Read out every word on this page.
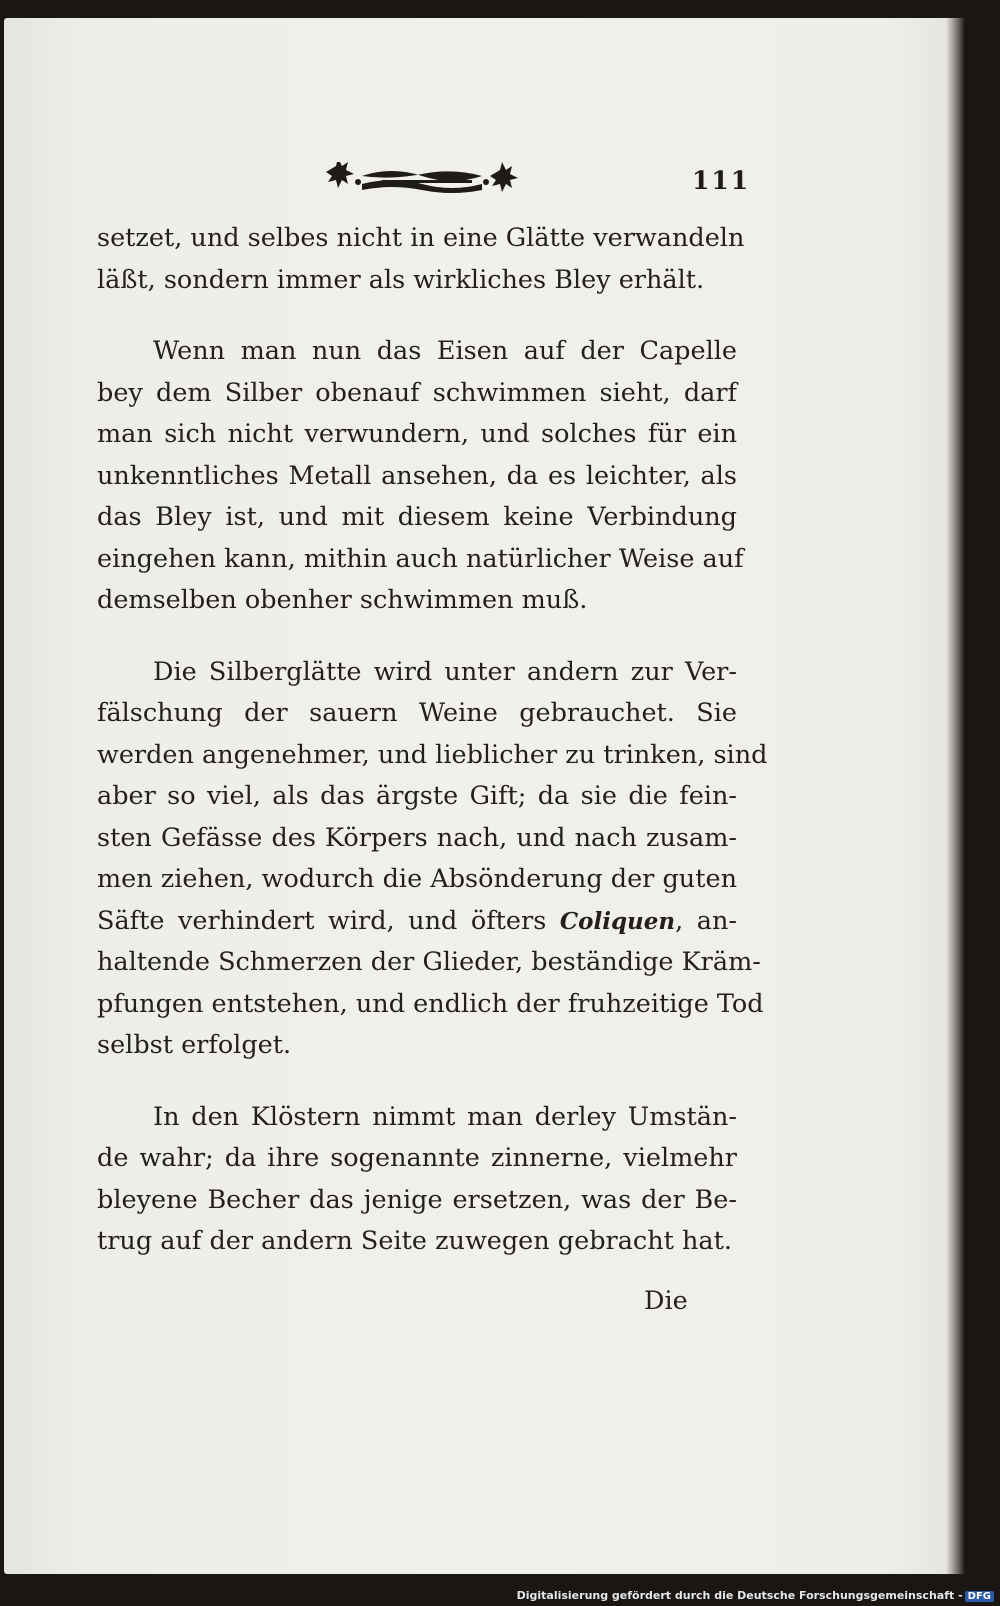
111
setzet, und selbes nicht in eine Glätte verwandeln
läßt, sondern immer als wirkliches Bley erhält.
Wenn man nun das Eisen auf der Capelle
bey dem Silber obenauf schwimmen sieht, darf
man sich nicht verwundern, und solches für ein
unkenntliches Metall ansehen, da es leichter, als
das Bley ist, und mit diesem keine Verbindung
eingehen kann, mithin auch natürlicher Weise auf
demselben obenher schwimmen muß.
Die Silberglätte wird unter andern zur Ver-
fälschung der sauern Weine gebrauchet. Sie
werden angenehmer, und lieblicher zu trinken, sind
aber so viel, als das ärgste Gift; da sie die fein-
sten Gefässe des Körpers nach, und nach zusam-
men ziehen, wodurch die Absönderung der guten
Säfte verhindert wird, und öfters Coliquen, an-
haltende Schmerzen der Glieder, beständige Kräm-
pfungen entstehen, und endlich der fruhzeitige Tod
selbst erfolget.
In den Klöstern nimmt man derley Umstän-
de wahr; da ihre sogenannte zinnerne, vielmehr
bleyene Becher das jenige ersetzen, was der Be-
trug auf der andern Seite zuwegen gebracht hat.
Die
Digitalisierung gefördert durch die Deutsche Forschungsgemeinschaft - DFG
